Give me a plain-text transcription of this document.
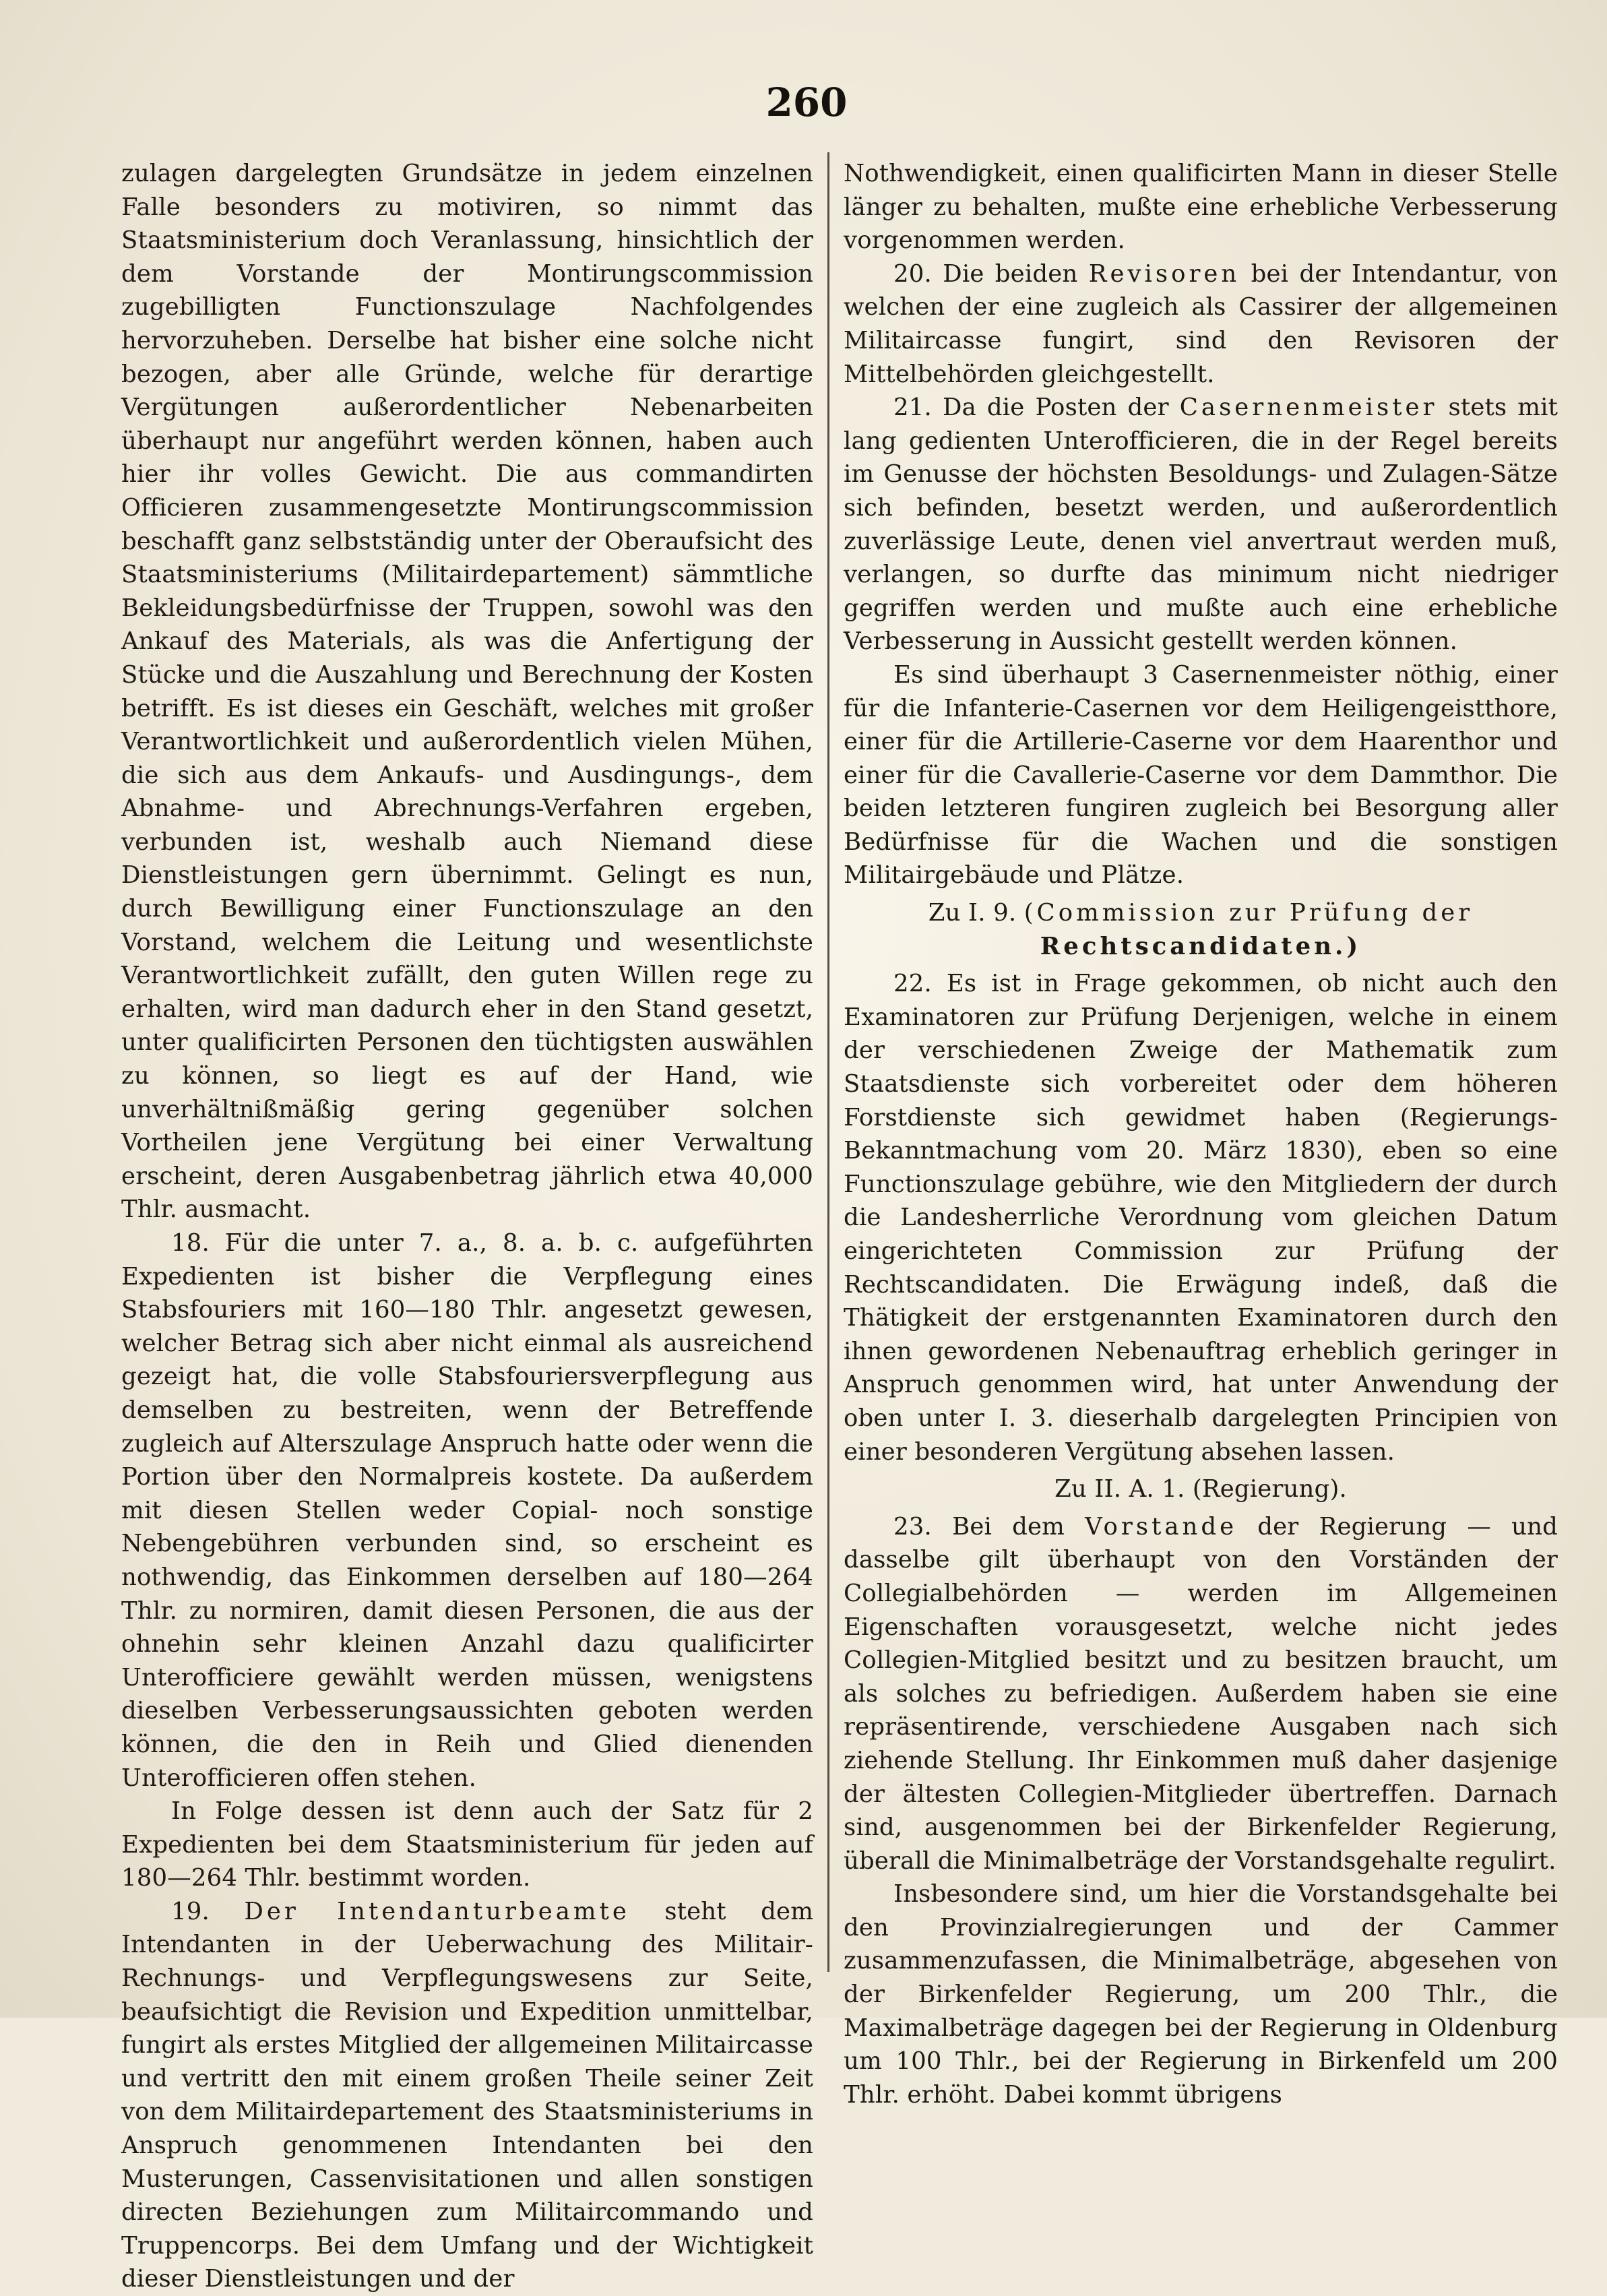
260

zulagen dargelegten Grundsätze in jedem einzelnen Falle besonders zu motiviren, so nimmt das Staatsministerium doch Veranlassung, hinsichtlich der dem Vorstande der Montirungscommission zugebilligten Functionszulage Nachfolgendes hervorzuheben. Derselbe hat bisher eine solche nicht bezogen, aber alle Gründe, welche für derartige Vergütungen außerordentlicher Nebenarbeiten überhaupt nur angeführt werden können, haben auch hier ihr volles Gewicht. Die aus commandirten Officieren zusammengesetzte Montirungscommission beschafft ganz selbstständig unter der Oberaufsicht des Staatsministeriums (Militairdepartement) sämmtliche Bekleidungsbedürfnisse der Truppen, sowohl was den Ankauf des Materials, als was die Anfertigung der Stücke und die Auszahlung und Berechnung der Kosten betrifft. Es ist dieses ein Geschäft, welches mit großer Verantwortlichkeit und außerordentlich vielen Mühen, die sich aus dem Ankaufs- und Ausdingungs-, dem Abnahme- und Abrechnungs-Verfahren ergeben, verbunden ist, weshalb auch Niemand diese Dienstleistungen gern übernimmt. Gelingt es nun, durch Bewilligung einer Functionszulage an den Vorstand, welchem die Leitung und wesentlichste Verantwortlichkeit zufällt, den guten Willen rege zu erhalten, wird man dadurch eher in den Stand gesetzt, unter qualificirten Personen den tüchtigsten auswählen zu können, so liegt es auf der Hand, wie unverhältnißmäßig gering gegenüber solchen Vortheilen jene Vergütung bei einer Verwaltung erscheint, deren Ausgabenbetrag jährlich etwa 40,000 Thlr. ausmacht.

18. Für die unter 7. a., 8. a. b. c. aufgeführten Expedienten ist bisher die Verpflegung eines Stabsfouriers mit 160—180 Thlr. angesetzt gewesen, welcher Betrag sich aber nicht einmal als ausreichend gezeigt hat, die volle Stabsfouriersverpflegung aus demselben zu bestreiten, wenn der Betreffende zugleich auf Alterszulage Anspruch hatte oder wenn die Portion über den Normalpreis kostete. Da außerdem mit diesen Stellen weder Copial- noch sonstige Nebengebühren verbunden sind, so erscheint es nothwendig, das Einkommen derselben auf 180—264 Thlr. zu normiren, damit diesen Personen, die aus der ohnehin sehr kleinen Anzahl dazu qualificirter Unterofficiere gewählt werden müssen, wenigstens dieselben Verbesserungsaussichten geboten werden können, die den in Reih und Glied dienenden Unterofficieren offen stehen.

In Folge dessen ist denn auch der Satz für 2 Expedienten bei dem Staatsministerium für jeden auf 180—264 Thlr. bestimmt worden.

19. Der Intendanturbeamte steht dem Intendanten in der Ueberwachung des Militair-Rechnungs- und Verpflegungswesens zur Seite, beaufsichtigt die Revision und Expedition unmittelbar, fungirt als erstes Mitglied der allgemeinen Militaircasse und vertritt den mit einem großen Theile seiner Zeit von dem Militairdepartement des Staatsministeriums in Anspruch genommenen Intendanten bei den Musterungen, Cassenvisitationen und allen sonstigen directen Beziehungen zum Militaircommando und Truppencorps. Bei dem Umfang und der Wichtigkeit dieser Dienstleistungen und der

Nothwendigkeit, einen qualificirten Mann in dieser Stelle länger zu behalten, mußte eine erhebliche Verbesserung vorgenommen werden.

20. Die beiden Revisoren bei der Intendantur, von welchen der eine zugleich als Cassirer der allgemeinen Militaircasse fungirt, sind den Revisoren der Mittelbehörden gleichgestellt.

21. Da die Posten der Casernenmeister stets mit lang gedienten Unterofficieren, die in der Regel bereits im Genusse der höchsten Besoldungs- und Zulagen-Sätze sich befinden, besetzt werden, und außerordentlich zuverlässige Leute, denen viel anvertraut werden muß, verlangen, so durfte das minimum nicht niedriger gegriffen werden und mußte auch eine erhebliche Verbesserung in Aussicht gestellt werden können.

Es sind überhaupt 3 Casernenmeister nöthig, einer für die Infanterie-Casernen vor dem Heiligengeistthore, einer für die Artillerie-Caserne vor dem Haarenthor und einer für die Cavallerie-Caserne vor dem Dammthor. Die beiden letzteren fungiren zugleich bei Besorgung aller Bedürfnisse für die Wachen und die sonstigen Militairgebäude und Plätze.

Zu I. 9. (Commission zur Prüfung der
Rechtscandidaten.)

22. Es ist in Frage gekommen, ob nicht auch den Examinatoren zur Prüfung Derjenigen, welche in einem der verschiedenen Zweige der Mathematik zum Staatsdienste sich vorbereitet oder dem höheren Forstdienste sich gewidmet haben (Regierungs-Bekanntmachung vom 20. März 1830), eben so eine Functionszulage gebühre, wie den Mitgliedern der durch die Landesherrliche Verordnung vom gleichen Datum eingerichteten Commission zur Prüfung der Rechtscandidaten. Die Erwägung indeß, daß die Thätigkeit der erstgenannten Examinatoren durch den ihnen gewordenen Nebenauftrag erheblich geringer in Anspruch genommen wird, hat unter Anwendung der oben unter I. 3. dieserhalb dargelegten Principien von einer besonderen Vergütung absehen lassen.

Zu II. A. 1. (Regierung).

23. Bei dem Vorstande der Regierung — und dasselbe gilt überhaupt von den Vorständen der Collegialbehörden — werden im Allgemeinen Eigenschaften vorausgesetzt, welche nicht jedes Collegien-Mitglied besitzt und zu besitzen braucht, um als solches zu befriedigen. Außerdem haben sie eine repräsentirende, verschiedene Ausgaben nach sich ziehende Stellung. Ihr Einkommen muß daher dasjenige der ältesten Collegien-Mitglieder übertreffen. Darnach sind, ausgenommen bei der Birkenfelder Regierung, überall die Minimalbeträge der Vorstandsgehalte regulirt.

Insbesondere sind, um hier die Vorstandsgehalte bei den Provinzialregierungen und der Cammer zusammenzufassen, die Minimalbeträge, abgesehen von der Birkenfelder Regierung, um 200 Thlr., die Maximalbeträge dagegen bei der Regierung in Oldenburg um 100 Thlr., bei der Regierung in Birkenfeld um 200 Thlr. erhöht. Dabei kommt übrigens
